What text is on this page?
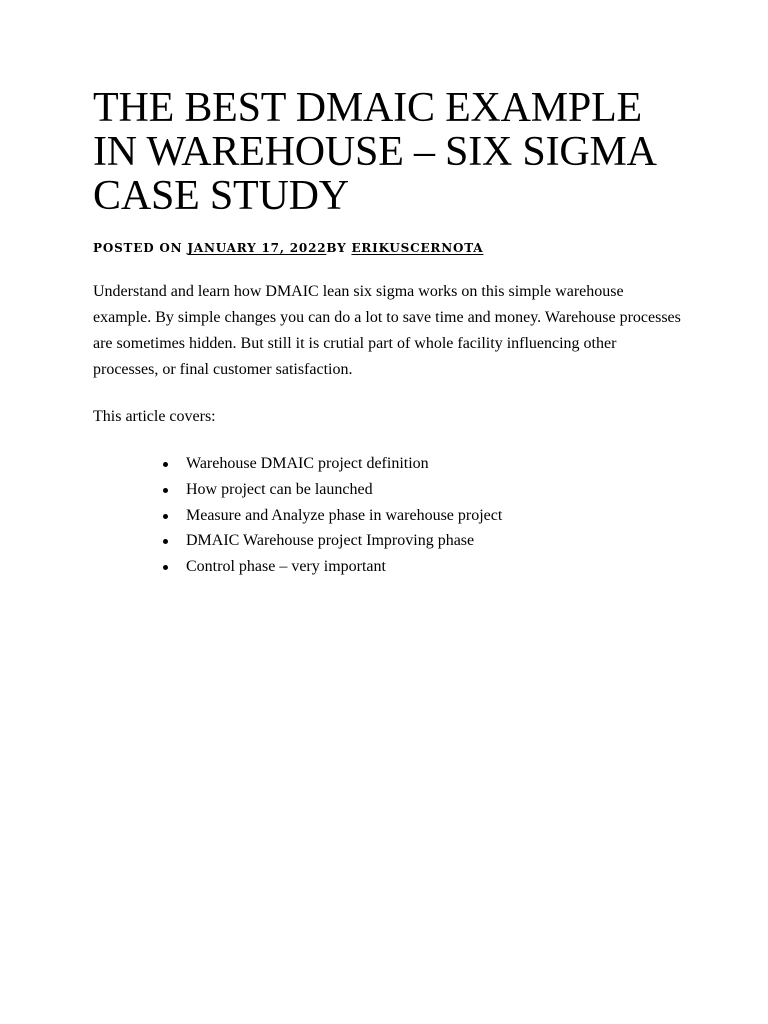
THE BEST DMAIC EXAMPLE IN WAREHOUSE – SIX SIGMA CASE STUDY
POSTED ON JANUARY 17, 2022BY ERIKUSCERNOTA

Understand and learn how DMAIC lean six sigma works on this simple warehouse example. By simple changes you can do a lot to save time and money. Warehouse processes are sometimes hidden. But still it is crutial part of whole facility influencing other processes, or final customer satisfaction.

This article covers:

Warehouse DMAIC project definition
How project can be launched
Measure and Analyze phase in warehouse project
DMAIC Warehouse project Improving phase
Control phase – very important
